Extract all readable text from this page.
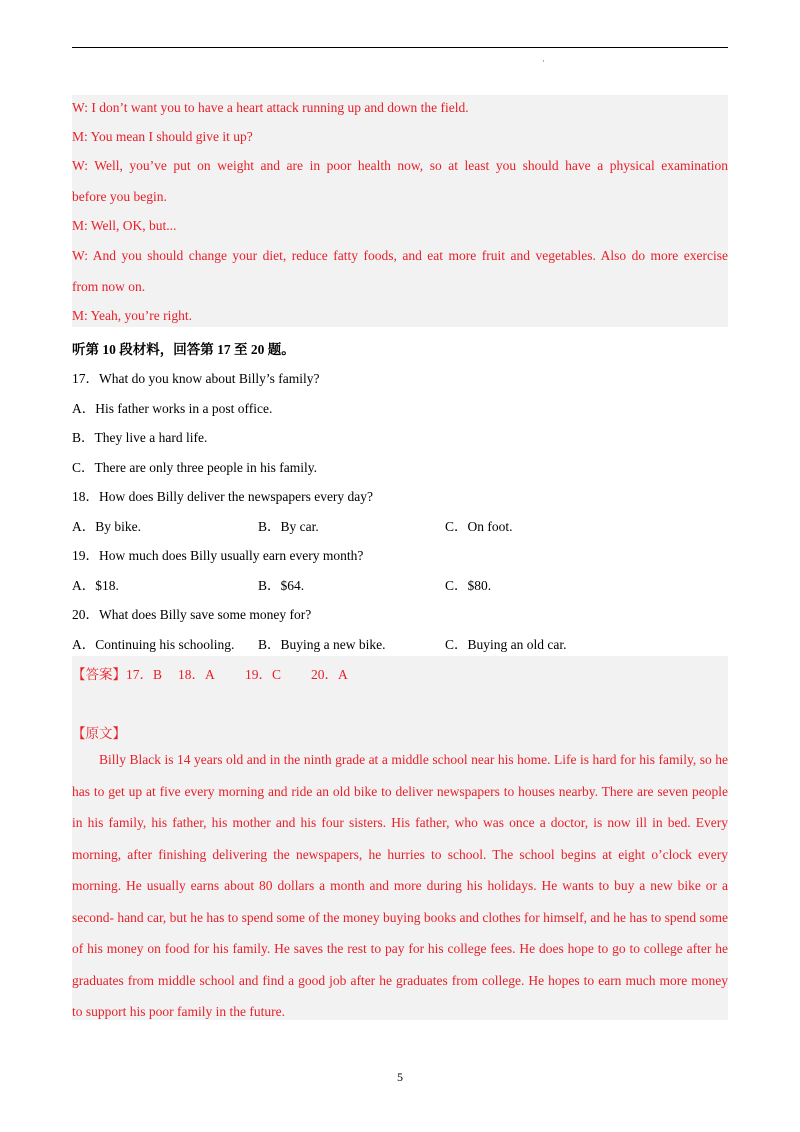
·
W: I don’t want you to have a heart attack running up and down the field.
M: You mean I should give it up?
W: Well, you’ve put on weight and are in poor health now, so at least you should have a physical examination
before you begin.
M: Well, OK, but...
W: And you should change your diet, reduce fatty foods, and eat more fruit and vegetables. Also do more exercise
from now on.
M: Yeah, you’re right.
听第 10 段材料，回答第 17 至 20 题。
17．What do you know about Billy’s family?
A．His father works in a post office.
B．They live a hard life.
C．There are only three people in his family.
18．How does Billy deliver the newspapers every day?
A．By bike.	B．By car.	C．On foot.
19．How much does Billy usually earn every month?
A．$18.	B．$64.	C．$80.
20．What does Billy save some money for?
A．Continuing his schooling. B．Buying a new bike.	C．Buying an old car.
【答案】17．B 18．A 19．C 20．A
【原文】
Billy Black is 14 years old and in the ninth grade at a middle school near his home. Life is hard for his family, so he has to get up at five every morning and ride an old bike to deliver newspapers to houses nearby. There are seven people in his family, his father, his mother and his four sisters. His father, who was once a doctor, is now ill in bed. Every morning, after finishing delivering the newspapers, he hurries to school. The school begins at eight o’clock every morning. He usually earns about 80 dollars a month and more during his holidays. He wants to buy a new bike or a second- hand car, but he has to spend some of the money buying books and clothes for himself, and he has to spend some of his money on food for his family. He saves the rest to pay for his college fees. He does hope to go to college after he graduates from middle school and find a good job after he graduates from college. He hopes to earn much more money to support his poor family in the future.
5
